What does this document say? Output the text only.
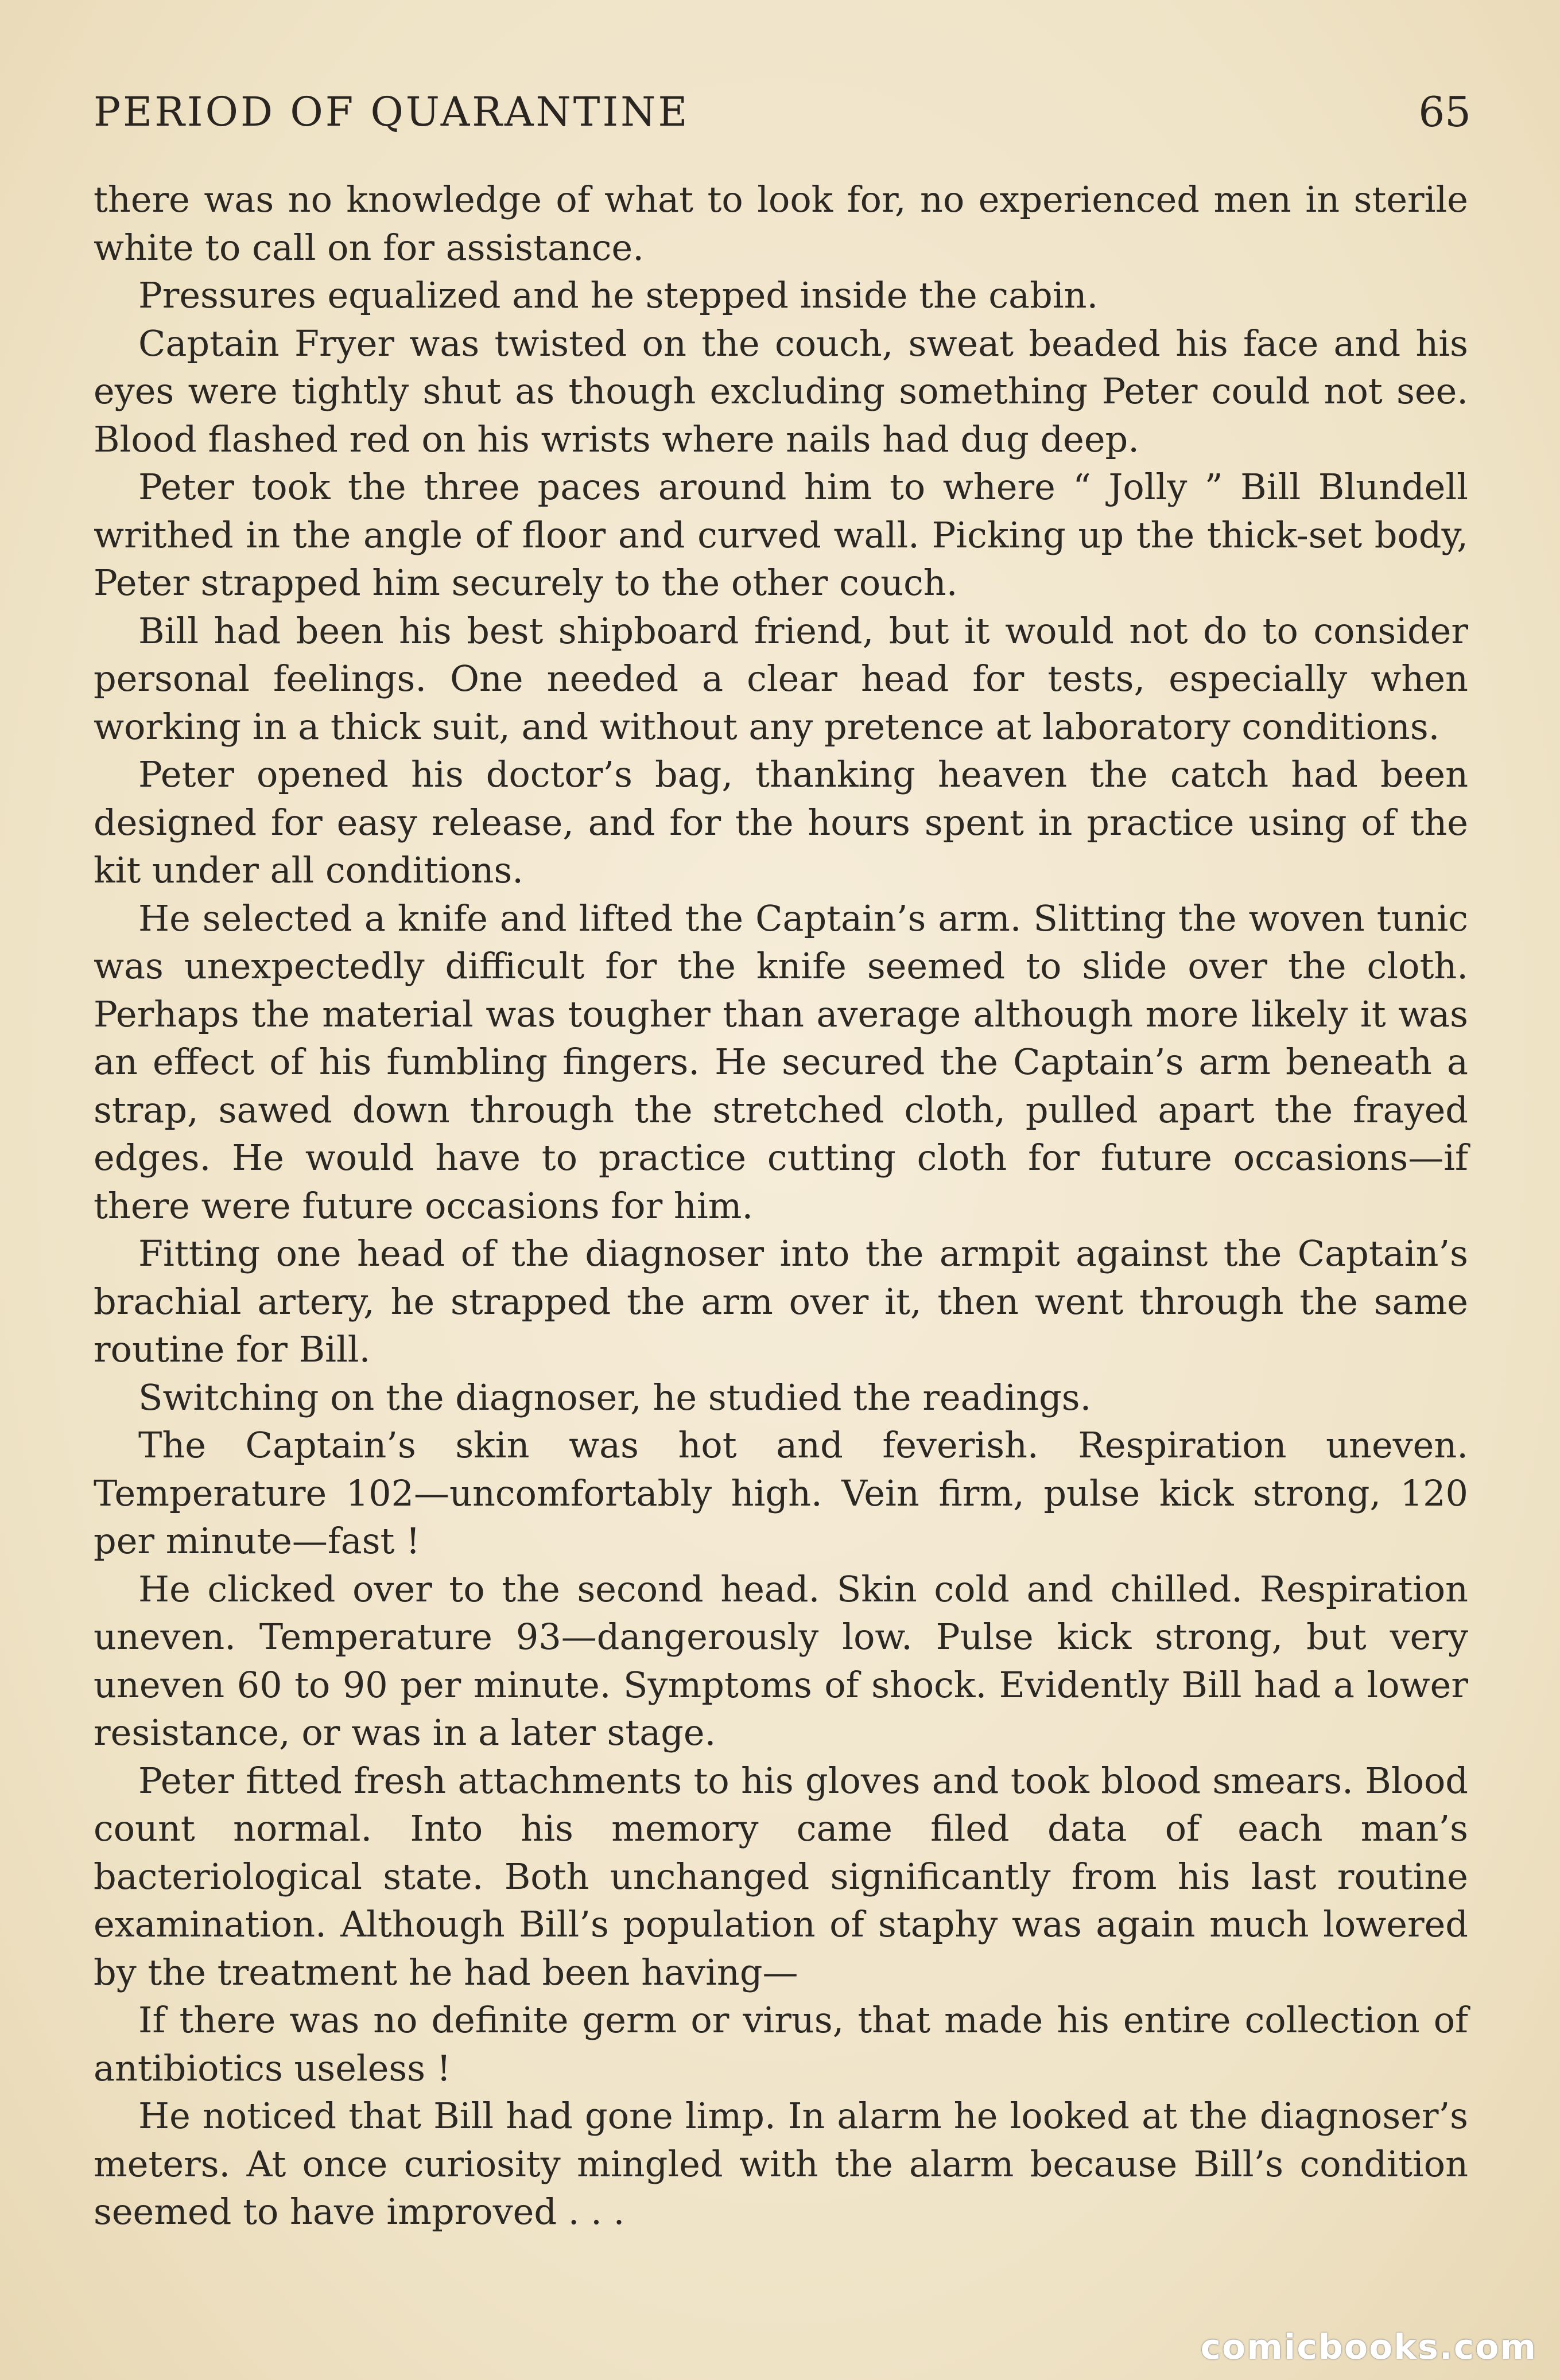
PERIOD OF QUARANTINE	65

there was no knowledge of what to look for, no experienced men in sterile white to call on for assistance.

Pressures equalized and he stepped inside the cabin.

Captain Fryer was twisted on the couch, sweat beaded his face and his eyes were tightly shut as though excluding something Peter could not see. Blood flashed red on his wrists where nails had dug deep.

Peter took the three paces around him to where “ Jolly ” Bill Blundell writhed in the angle of floor and curved wall. Picking up the thick-set body, Peter strapped him securely to the other couch.

Bill had been his best shipboard friend, but it would not do to consider personal feelings. One needed a clear head for tests, especially when working in a thick suit, and without any pretence at laboratory conditions.

Peter opened his doctor’s bag, thanking heaven the catch had been designed for easy release, and for the hours spent in practice using of the kit under all conditions.

He selected a knife and lifted the Captain’s arm. Slitting the woven tunic was unexpectedly difficult for the knife seemed to slide over the cloth. Perhaps the material was tougher than average although more likely it was an effect of his fumbling fingers. He secured the Captain’s arm beneath a strap, sawed down through the stretched cloth, pulled apart the frayed edges. He would have to practice cutting cloth for future occasions—if there were future occasions for him.

Fitting one head of the diagnoser into the armpit against the Captain’s brachial artery, he strapped the arm over it, then went through the same routine for Bill.

Switching on the diagnoser, he studied the readings.

The Captain’s skin was hot and feverish. Respiration uneven. Temperature 102—uncomfortably high. Vein firm, pulse kick strong, 120 per minute—fast !

He clicked over to the second head. Skin cold and chilled. Respiration uneven. Temperature 93—dangerously low. Pulse kick strong, but very uneven 60 to 90 per minute. Symptoms of shock. Evidently Bill had a lower resistance, or was in a later stage.

Peter fitted fresh attachments to his gloves and took blood smears. Blood count normal. Into his memory came filed data of each man’s bacteriological state. Both unchanged significantly from his last routine examination. Although Bill’s population of staphy was again much lowered by the treatment he had been having—

If there was no definite germ or virus, that made his entire collection of antibiotics useless !

He noticed that Bill had gone limp. In alarm he looked at the diagnoser’s meters. At once curiosity mingled with the alarm because Bill’s condition seemed to have improved . . .

comicbooks.com
